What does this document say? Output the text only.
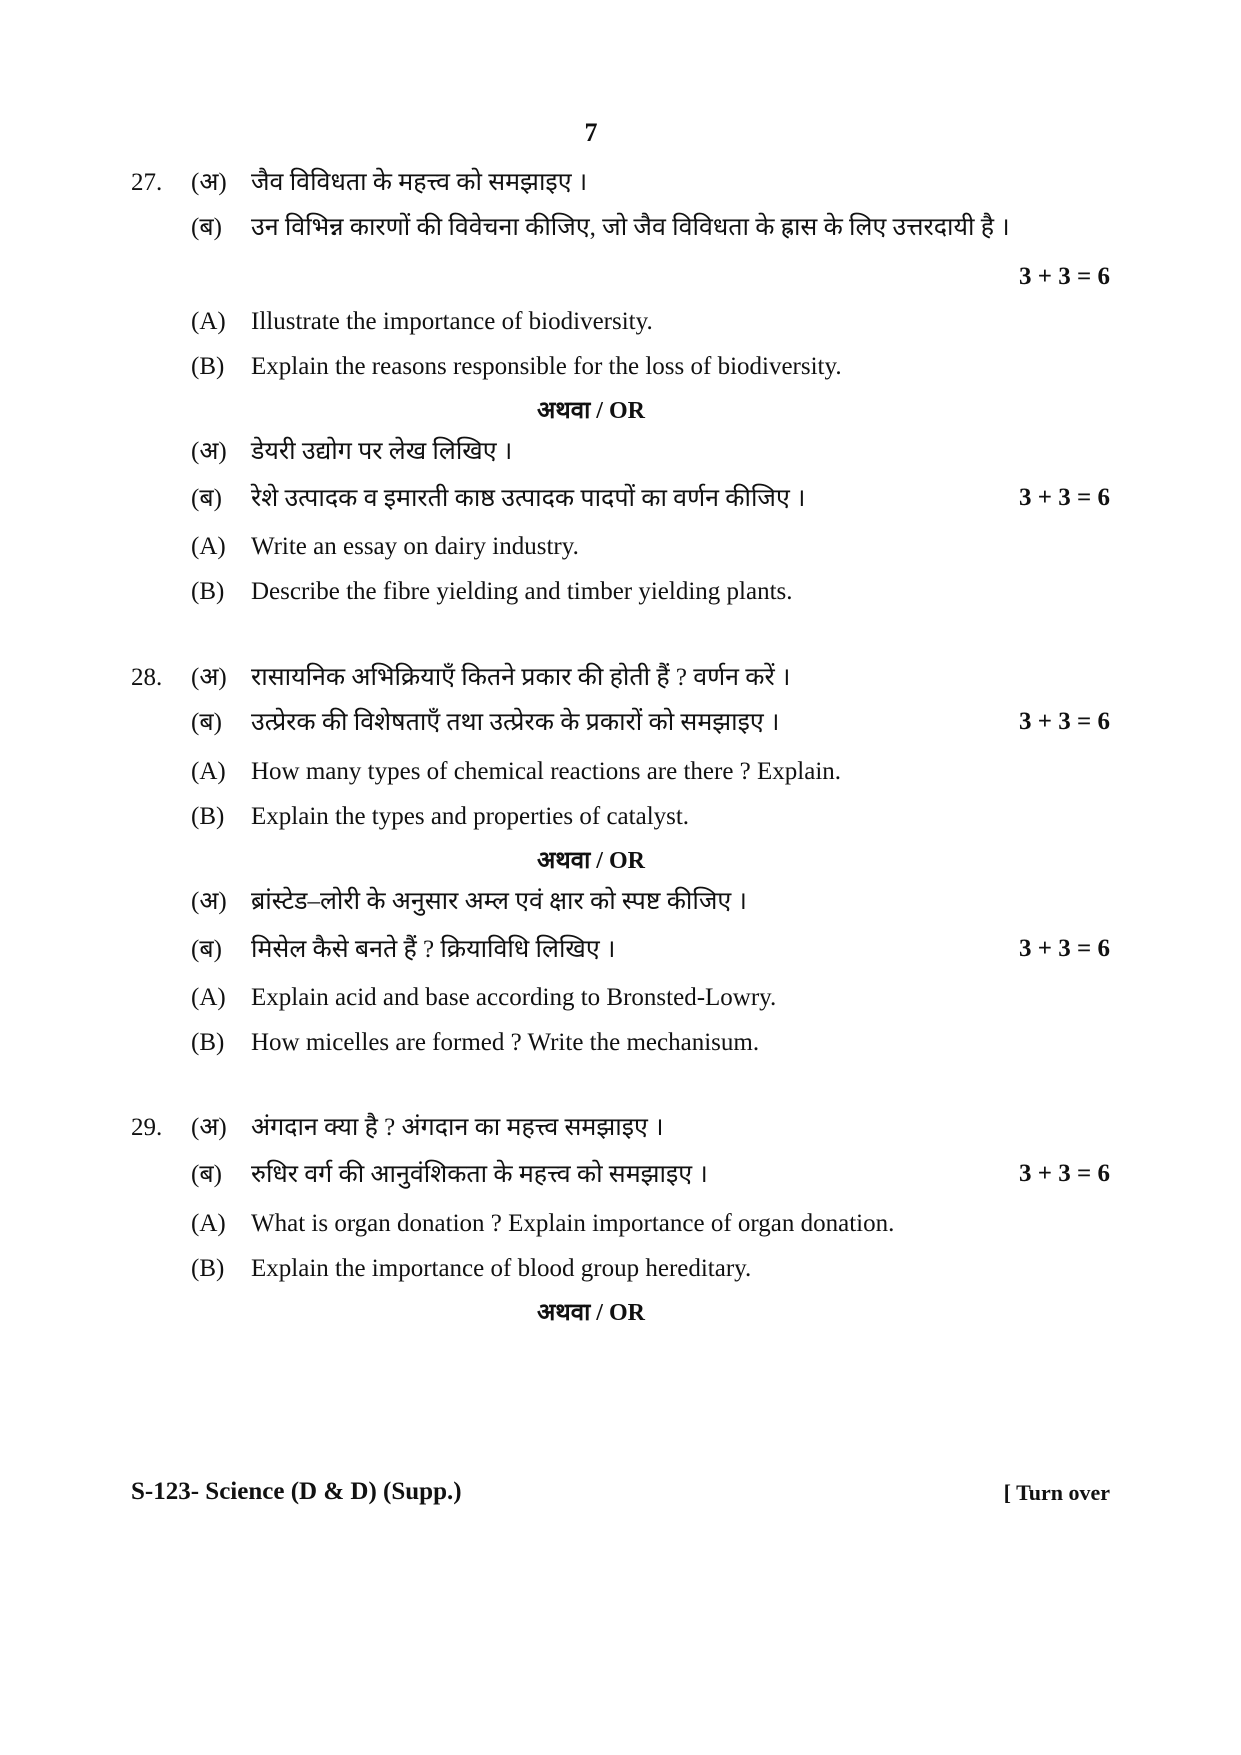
7
27. (अ) जैव विविधता के महत्त्व को समझाइए ।
(ब) उन विभिन्न कारणों की विवेचना कीजिए, जो जैव विविधता के ह्रास के लिए उत्तरदायी है ।
3 + 3 = 6
(A) Illustrate the importance of biodiversity.
(B) Explain the reasons responsible for the loss of biodiversity.
अथवा / OR
(अ) डेयरी उद्योग पर लेख लिखिए ।
(ब) रेशे उत्पादक व इमारती काष्ठ उत्पादक पादपों का वर्णन कीजिए ।	3 + 3 = 6
(A) Write an essay on dairy industry.
(B) Describe the fibre yielding and timber yielding plants.
28. (अ) रासायनिक अभिक्रियाएँ कितने प्रकार की होती हैं ? वर्णन करें ।
(ब) उत्प्रेरक की विशेषताएँ तथा उत्प्रेरक के प्रकारों को समझाइए ।	3 + 3 = 6
(A) How many types of chemical reactions are there ? Explain.
(B) Explain the types and properties of catalyst.
अथवा / OR
(अ) ब्रांस्टेड–लोरी के अनुसार अम्ल एवं क्षार को स्पष्ट कीजिए ।
(ब) मिसेल कैसे बनते हैं ? क्रियाविधि लिखिए ।	3 + 3 = 6
(A) Explain acid and base according to Bronsted-Lowry.
(B) How micelles are formed ? Write the mechanisum.
29. (अ) अंगदान क्या है ? अंगदान का महत्त्व समझाइए ।
(ब) रुधिर वर्ग की आनुवंशिकता के महत्त्व को समझाइए ।	3 + 3 = 6
(A) What is organ donation ? Explain importance of organ donation.
(B) Explain the importance of blood group hereditary.
अथवा / OR
S-123- Science (D & D) (Supp.)	[ Turn over
